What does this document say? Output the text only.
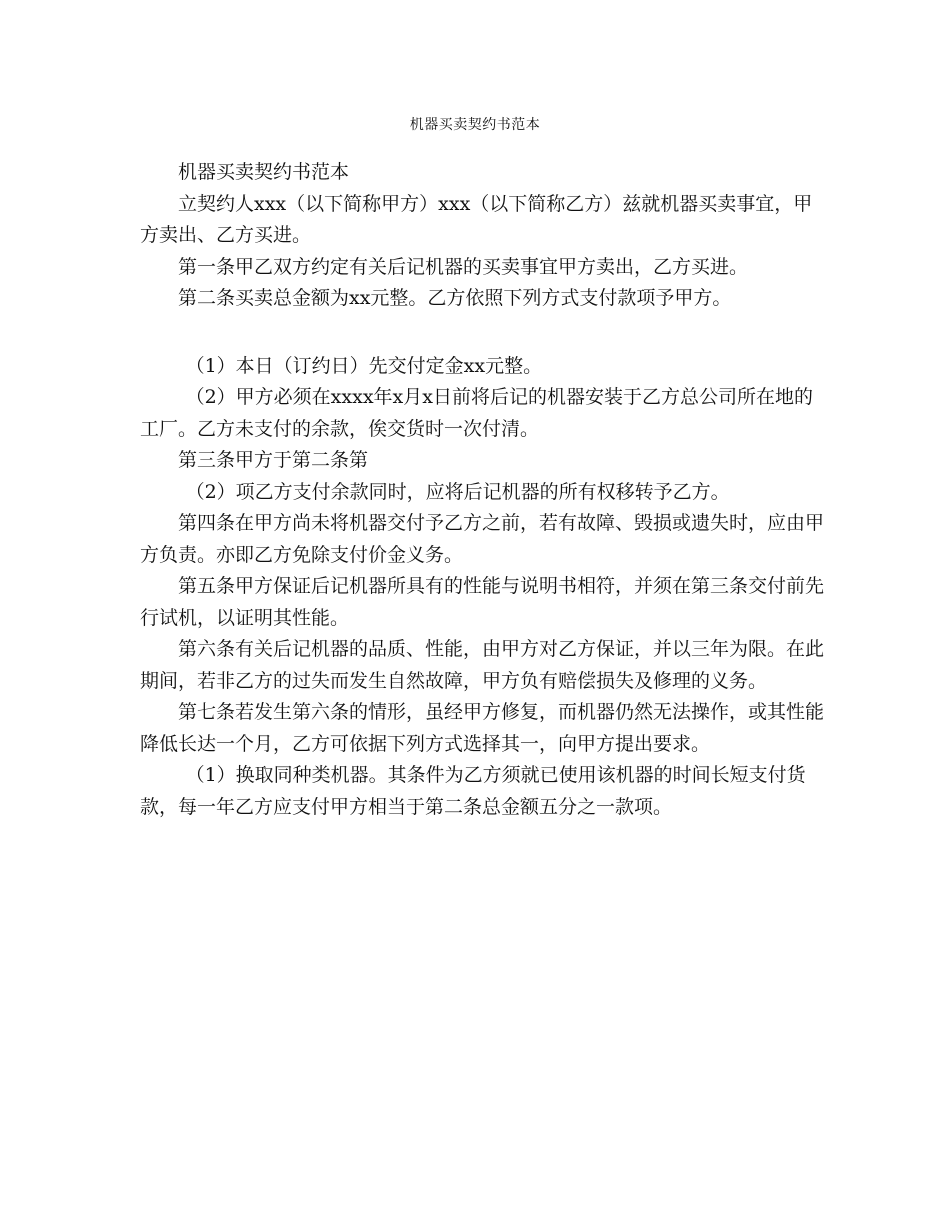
机器买卖契约书范本

机器买卖契约书范本

立契约人xxx（以下简称甲方）xxx（以下简称乙方）兹就机器买卖事宜，甲方卖出、乙方买进。

第一条甲乙双方约定有关后记机器的买卖事宜甲方卖出，乙方买进。

第二条买卖总金额为xx元整。乙方依照下列方式支付款项予甲方。

（1）本日（订约日）先交付定金xx元整。

（2）甲方必须在xxxx年x月x日前将后记的机器安装于乙方总公司所在地的工厂。乙方未支付的余款，俟交货时一次付清。

第三条甲方于第二条第

（2）项乙方支付余款同时，应将后记机器的所有权移转予乙方。

第四条在甲方尚未将机器交付予乙方之前，若有故障、毁损或遗失时，应由甲方负责。亦即乙方免除支付价金义务。

第五条甲方保证后记机器所具有的性能与说明书相符，并须在第三条交付前先行试机，以证明其性能。

第六条有关后记机器的品质、性能，由甲方对乙方保证，并以三年为限。在此期间，若非乙方的过失而发生自然故障，甲方负有赔偿损失及修理的义务。

第七条若发生第六条的情形，虽经甲方修复，而机器仍然无法操作，或其性能降低长达一个月，乙方可依据下列方式选择其一，向甲方提出要求。

（1）换取同种类机器。其条件为乙方须就已使用该机器的时间长短支付货款，每一年乙方应支付甲方相当于第二条总金额五分之一款项。
